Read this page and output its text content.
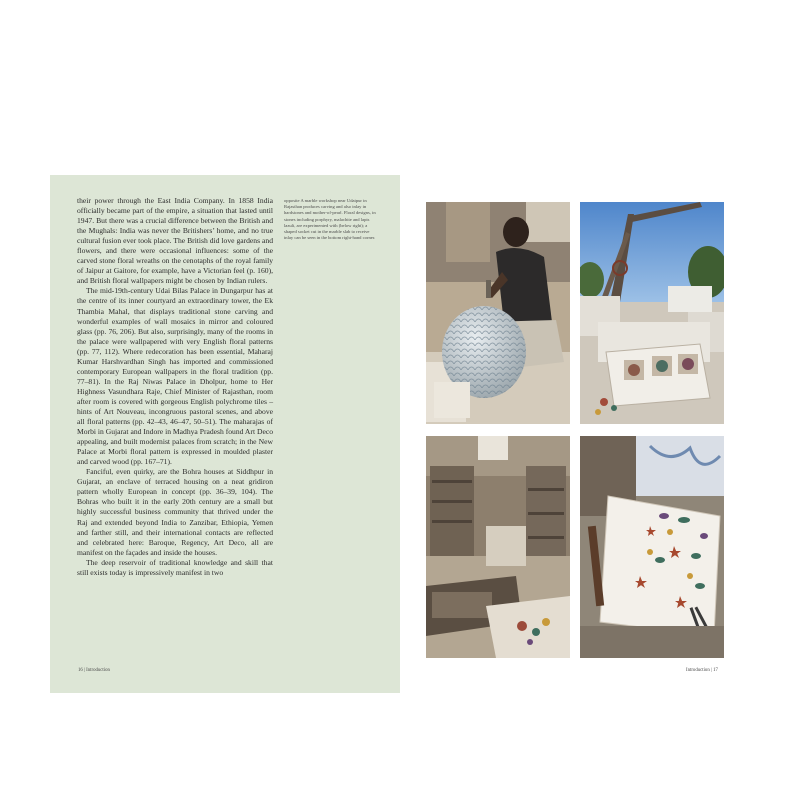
their power through the East India Company. In 1858 India officially became part of the empire, a situation that lasted until 1947. But there was a crucial difference between the British and the Mughals: India was never the Britishers’ home, and no true cultural fusion ever took place. The British did love gardens and flowers, and there were occasional influences: some of the carved stone floral wreaths on the cenotaphs of the royal family of Jaipur at Gaitore, for example, have a Victorian feel (p. 160), and British floral wallpapers might be chosen by Indian rulers.

The mid-19th-century Udai Bilas Palace in Dungarpur has at the centre of its inner courtyard an extraordinary tower, the Ek Thambia Mahal, that displays traditional stone carving and wonderful examples of wall mosaics in mirror and coloured glass (pp. 76, 206). But also, surprisingly, many of the rooms in the palace were wallpapered with very English floral patterns (pp. 77, 112). Where redecoration has been essential, Maharaj Kumar Harshvardhan Singh has imported and commissioned contemporary European wallpapers in the floral tradition (pp. 77–81). In the Raj Niwas Palace in Dholpur, home to Her Highness Vasundhara Raje, Chief Minister of Rajasthan, room after room is covered with gorgeous English polychrome tiles – hints of Art Nouveau, incongruous pastoral scenes, and above all floral patterns (pp. 42–43, 46–47, 50–51). The maharajas of Morbi in Gujarat and Indore in Madhya Pradesh found Art Deco appealing, and built modernist palaces from scratch; in the New Palace at Morbi floral pattern is expressed in moulded plaster and carved wood (pp. 167–71).

Fanciful, even quirky, are the Bohra houses at Siddhpur in Gujarat, an enclave of terraced housing on a neat gridiron pattern wholly European in concept (pp. 36–39, 104). The Bohras who built it in the early 20th century are a small but highly successful business community that thrived under the Raj and extended beyond India to Zanzibar, Ethiopia, Yemen and farther still, and their international contacts are reflected and celebrated here: Baroque, Regency, Art Deco, all are manifest on the façades and inside the houses.

The deep reservoir of traditional knowledge and skill that still exists today is impressively manifest in two

opposite A marble workshop near Udaipur in Rajasthan produces carving and also inlay in hardstones and mother-of-pearl. Floral designs, in stones including porphyry, malachite and lapis lazuli, are experimented with (below right); a shaped socket cut in the marble slab to receive inlay can be seen in the bottom right-hand corner.
16 | Introduction	Introduction | 17
